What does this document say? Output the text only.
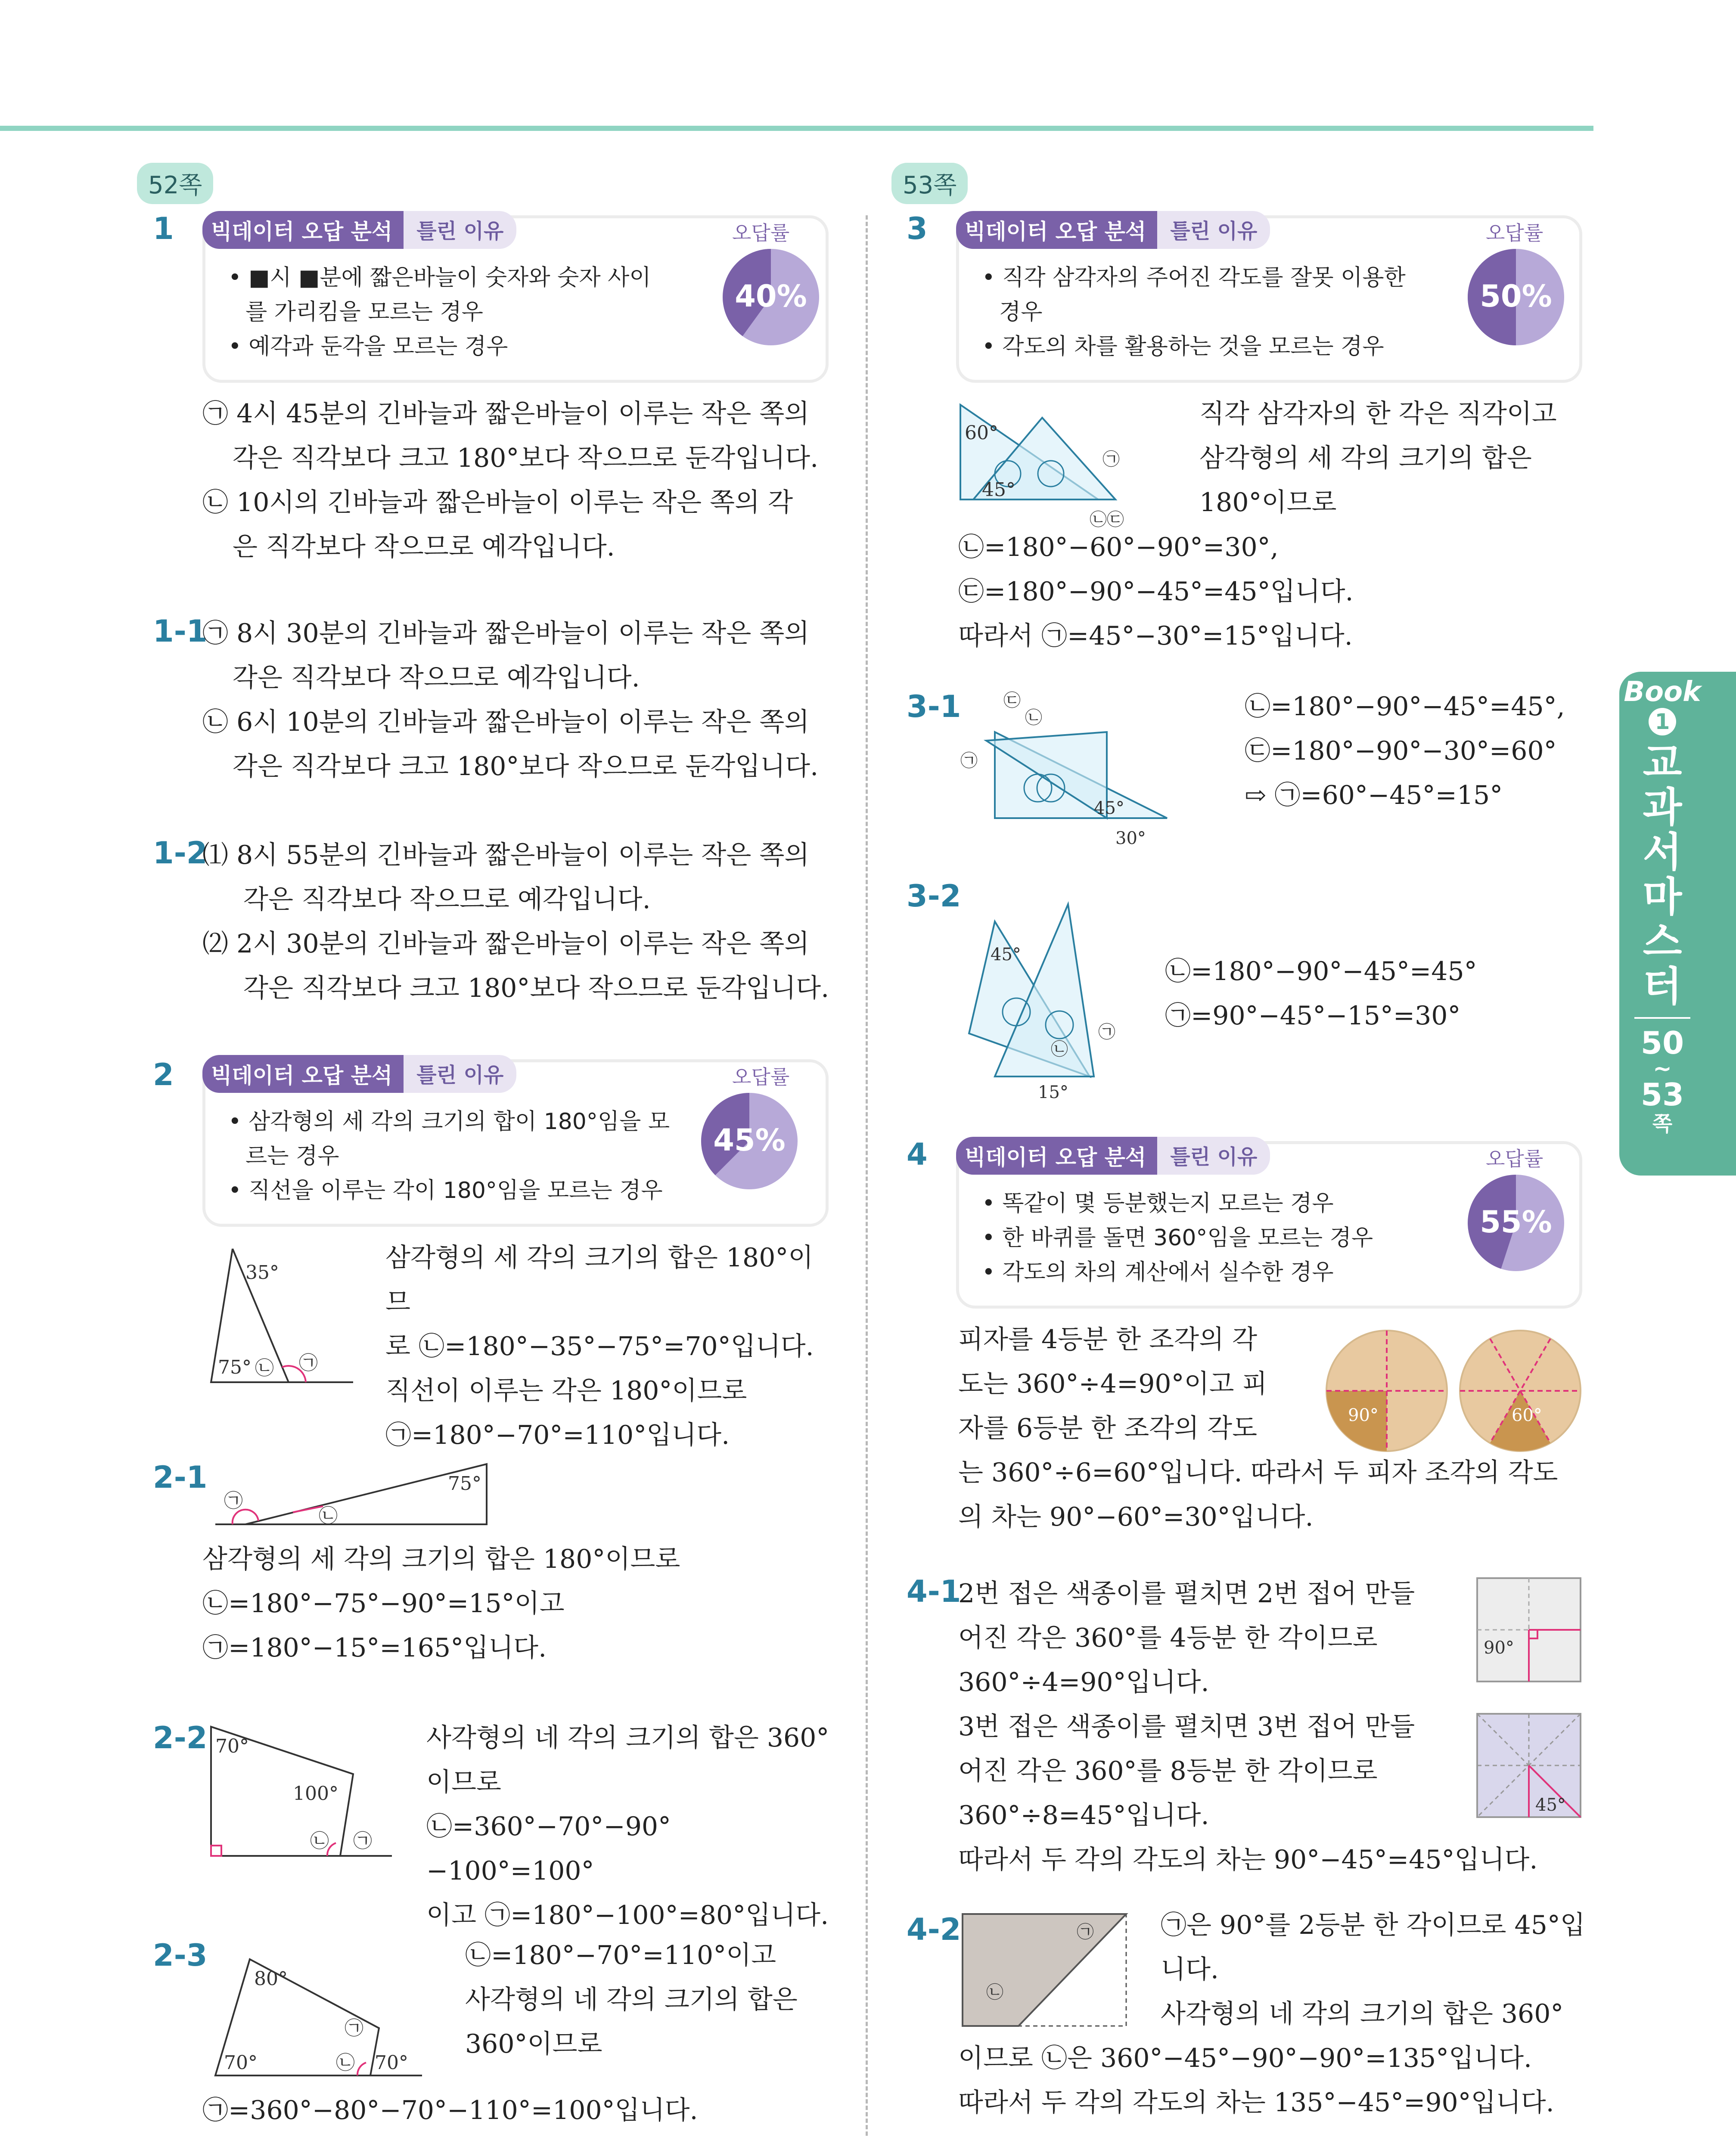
52쪽
1	빅데이터 오답 분석	틀린 이유	오답률
40%
• ■시 ■분에 짧은바늘이 숫자와 숫자 사이
를 가리킴을 모르는 경우
• 예각과 둔각을 모르는 경우
㉠ 4시 45분의 긴바늘과 짧은바늘이 이루는 작은 쪽의
각은 직각보다 크고 180°보다 작으므로 둔각입니다.
㉡ 10시의 긴바늘과 짧은바늘이 이루는 작은 쪽의 각
은 직각보다 작으므로 예각입니다.
1-1
㉠ 8시 30분의 긴바늘과 짧은바늘이 이루는 작은 쪽의
각은 직각보다 작으므로 예각입니다.
㉡ 6시 10분의 긴바늘과 짧은바늘이 이루는 작은 쪽의
각은 직각보다 크고 180°보다 작으므로 둔각입니다.
1-2
⑴ 8시 55분의 긴바늘과 짧은바늘이 이루는 작은 쪽의
각은 직각보다 작으므로 예각입니다.
⑵ 2시 30분의 긴바늘과 짧은바늘이 이루는 작은 쪽의
각은 직각보다 크고 180°보다 작으므로 둔각입니다.
2	빅데이터 오답 분석	틀린 이유	오답률
45%
• 삼각형의 세 각의 크기의 합이 180°임을 모
르는 경우
• 직선을 이루는 각이 180°임을 모르는 경우
35°
75° ㉡ ㉠
삼각형의 세 각의 크기의 합은 180°이므
로 ㉡=180°−35°−75°=70°입니다.
직선이 이루는 각은 180°이므로
㉠=180°−70°=110°입니다.
2-1	75°
㉠
㉡
삼각형의 세 각의 크기의 합은 180°이므로
㉡=180°−75°−90°=15°이고
㉠=180°−15°=165°입니다.
2-2 70°
100°
㉡ ㉠
사각형의 네 각의 크기의 합은 360°
이므로
㉡=360°−70°−90°−100°=100°
이고 ㉠=180°−100°=80°입니다.
2-3
80°
70°	70°
㉠
㉡
㉡=180°−70°=110°이고
사각형의 네 각의 크기의 합은
360°이므로
㉠=360°−80°−70°−110°=100°입니다.
53쪽
3	빅데이터 오답 분석	틀린 이유	오답률
50%
• 직각 삼각자의 주어진 각도를 잘못 이용한
경우
• 각도의 차를 활용하는 것을 모르는 경우
60°
45°
㉠
㉡㉢
직각 삼각자의 한 각은 직각이고
삼각형의 세 각의 크기의 합은
180°이므로
㉡=180°−60°−90°=30°,
㉢=180°−90°−45°=45°입니다.
따라서 ㉠=45°−30°=15°입니다.
3-1
45°
30°
㉢
㉡
㉠
㉡=180°−90°−45°=45°,
㉢=180°−90°−30°=60°
⇨ ㉠=60°−45°=15°
3-2
45°
15°
㉡
㉠
㉡=180°−90°−45°=45°
㉠=90°−45°−15°=30°
4	빅데이터 오답 분석	틀린 이유	오답률
55%
• 똑같이 몇 등분했는지 모르는 경우
• 한 바퀴를 돌면 360°임을 모르는 경우
• 각도의 차의 계산에서 실수한 경우
피자를 4등분 한 조각의 각
도는 360°÷4=90°이고 피
자를 6등분 한 조각의 각도	90°	60°
는 360°÷6=60°입니다. 따라서 두 피자 조각의 각도
의 차는 90°−60°=30°입니다.
4-1
2번 접은 색종이를 펼치면 2번 접어 만들
어진 각은 360°를 4등분 한 각이므로
360°÷4=90°입니다.
3번 접은 색종이를 펼치면 3번 접어 만들
어진 각은 360°를 8등분 한 각이므로
360°÷8=45°입니다.
따라서 두 각의 각도의 차는 90°−45°=45°입니다.
90°
45°
4-2	㉠
㉡
㉠은 90°를 2등분 한 각이므로 45°입
니다.
사각형의 네 각의 크기의 합은 360°
이므로 ㉡은 360°−45°−90°−90°=135°입니다.
따라서 두 각의 각도의 차는 135°−45°=90°입니다.
Book
1
교
과
서
마
스
터
50
~
53
쪽
